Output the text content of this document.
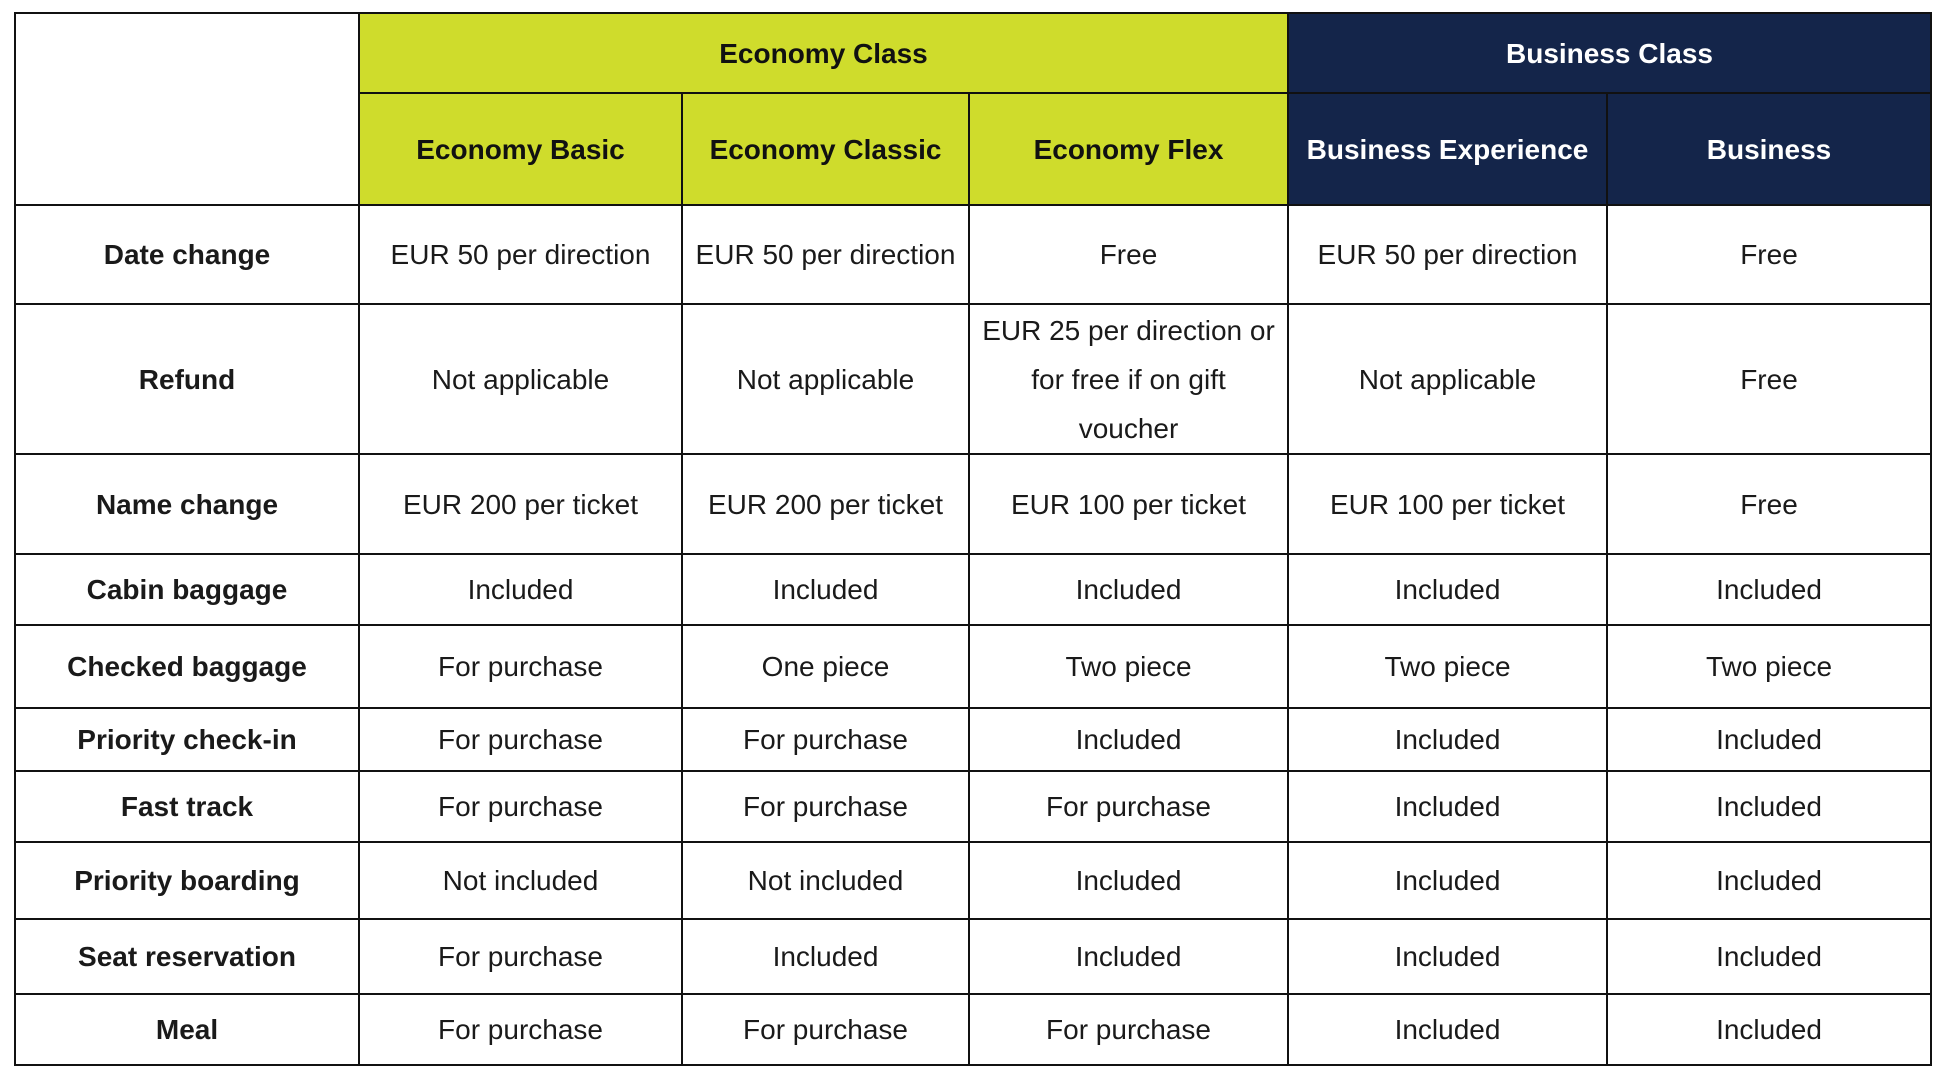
	Economy Class			Business Class	
	Economy Basic	Economy Classic	Economy Flex	Business Experience	Business
Date change	EUR 50 per direction	EUR 50 per direction	Free	EUR 50 per direction	Free
Refund	Not applicable	Not applicable	EUR 25 per direction or for free if on gift voucher	Not applicable	Free
Name change	EUR 200 per ticket	EUR 200 per ticket	EUR 100 per ticket	EUR 100 per ticket	Free
Cabin baggage	Included	Included	Included	Included	Included
Checked baggage	For purchase	One piece	Two piece	Two piece	Two piece
Priority check-in	For purchase	For purchase	Included	Included	Included
Fast track	For purchase	For purchase	For purchase	Included	Included
Priority boarding	Not included	Not included	Included	Included	Included
Seat reservation	For purchase	Included	Included	Included	Included
Meal	For purchase	For purchase	For purchase	Included	Included
